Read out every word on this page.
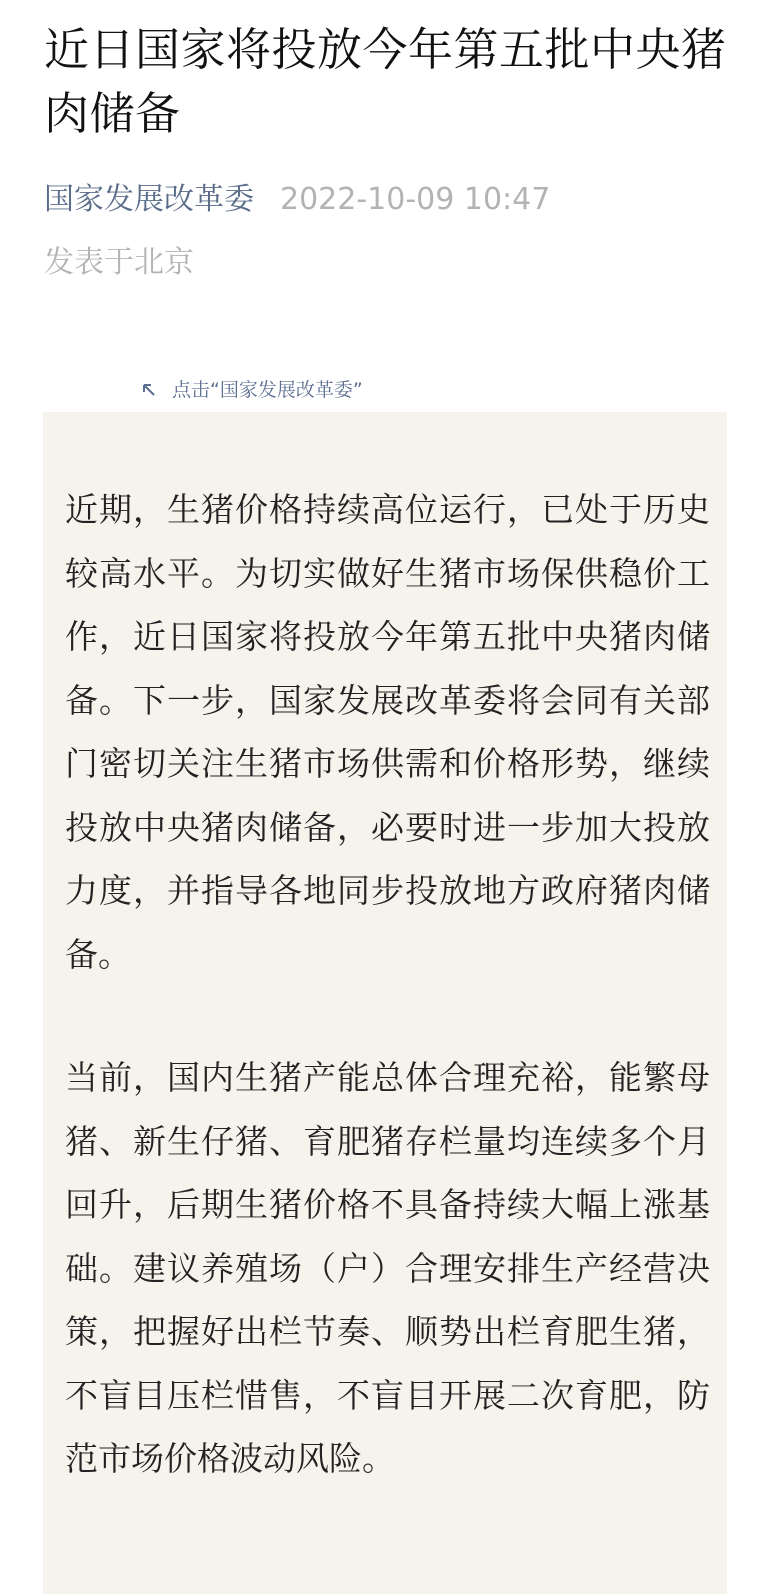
近日国家将投放今年第五批中央猪肉储备
国家发展改革委 2022-10-09 10:47
发表于北京
点击“国家发展改革委”

近期，生猪价格持续高位运行，已处于历史较高水平。为切实做好生猪市场保供稳价工作，近日国家将投放今年第五批中央猪肉储备。下一步，国家发展改革委将会同有关部门密切关注生猪市场供需和价格形势，继续投放中央猪肉储备，必要时进一步加大投放力度，并指导各地同步投放地方政府猪肉储备。

当前，国内生猪产能总体合理充裕，能繁母猪、新生仔猪、育肥猪存栏量均连续多个月回升，后期生猪价格不具备持续大幅上涨基础。建议养殖场（户）合理安排生产经营决策，把握好出栏节奏、顺势出栏育肥生猪，不盲目压栏惜售，不盲目开展二次育肥，防范市场价格波动风险。
